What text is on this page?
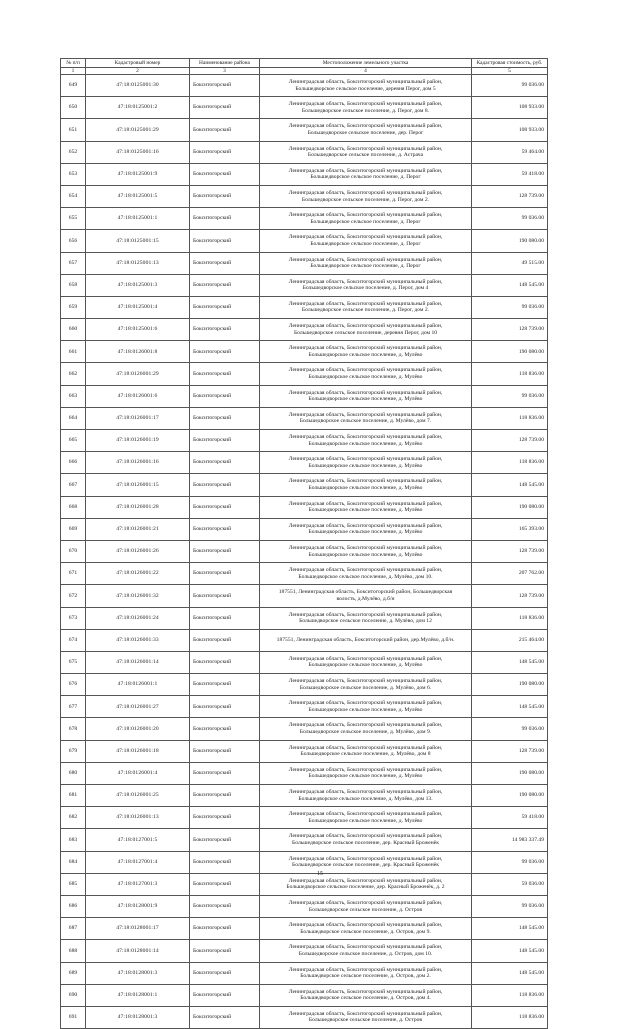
№ п/п	Кадастровый номер	Наименование района	Местоположение земельного участка	Кадастровая стоимость, руб.
1	2	3	4	5
649	47:18:0125001:30	Бокситогорский	Ленинградская область, Бокситогорский муниципальный район,
Большедворское сельское поселение, деревня Перог, дом 5	99 036.00
650	47:18:0125001:2	Бокситогорский	Ленинградская область, Бокситогорский муниципальный район,
Большедворское сельское поселение, д. Перог, дом 8.	108 933.00
651	47:18:0125001:29	Бокситогорский	Ленинградская область, Бокситогорский муниципальный район,
Большедворское сельское поселение, дер. Перог	108 933.00
652	47:18:0125001:16	Бокситогорский	Ленинградская область, Бокситогорский муниципальный район,
Большедворское сельское поселение, д. Астрача	59 464.00
653	47:18:0125001:9	Бокситогорский	Ленинградская область, Бокситогорский муниципальный район,
Большедворское сельское поселение, д. Перог	59 418.00
654	47:18:0125001:5	Бокситогорский	Ленинградская область, Бокситогорский муниципальный район,
Большедворское сельское поселение, д. Перог, дом 2.	128 739.00
655	47:18:0125001:1	Бокситогорский	Ленинградская область, Бокситогорский муниципальный район,
Большедворское сельское поселение, д. Перог	99 036.00
656	47:18:0125001:15	Бокситогорский	Ленинградская область, Бокситогорский муниципальный район,
Большедворское сельское поселение, д. Перог	190 080.00
657	47:18:0125001:13	Бокситогорский	Ленинградская область, Бокситогорский муниципальный район,
Большедворское сельское поселение, д. Перог	49 515.00
658	47:18:0125001:3	Бокситогорский	Ленинградская область, Бокситогорский муниципальный район,
Большедворское сельское поселение, д. Перог, дом 4	148 545.00
659	47:18:0125001:4	Бокситогорский	Ленинградская область, Бокситогорский муниципальный район,
Большедворское сельское поселение, д. Перог, дом 2.	99 036.00
660	47:18:0125001:6	Бокситогорский	Ленинградская область, Бокситогорский муниципальный район,
Большедворское сельское поселение, деревня Перог, дом 10	128 739.00
661	47:18:0126001:8	Бокситогорский	Ленинградская область, Бокситогорский муниципальный район,
Большедворское сельское поселение, д. Мулёво	190 080.00
662	47:18:0126001:29	Бокситогорский	Ленинградская область, Бокситогорский муниципальный район,
Большедворское сельское поселение, д. Мулёво	118 836.00
663	47:18:0126001:6	Бокситогорский	Ленинградская область, Бокситогорский муниципальный район,
Большедворское сельское поселение, д. Мулёво	99 036.00
664	47:18:0126001:17	Бокситогорский	Ленинградская область, Бокситогорский муниципальный район,
Большедворское сельское поселение, д. Мулёво, дом 7.	118 836.00
665	47:18:0126001:19	Бокситогорский	Ленинградская область, Бокситогорский муниципальный район,
Большедворское сельское поселение, д. Мулёво	128 739.00
666	47:18:0126001:16	Бокситогорский	Ленинградская область, Бокситогорский муниципальный район,
Большедворское сельское поселение, д. Мулёво	118 836.00
667	47:18:0126001:15	Бокситогорский	Ленинградская область, Бокситогорский муниципальный район,
Большедворское сельское поселение, д. Мулёво	148 545.00
668	47:18:0126001:28	Бокситогорский	Ленинградская область, Бокситогорский муниципальный район,
Большедворское сельское поселение, д. Мулёво	190 080.00
669	47:18:0126001:21	Бокситогорский	Ленинградская область, Бокситогорский муниципальный район,
Большедворское сельское поселение, д. Мулёво	165 393.00
670	47:18:0126001:26	Бокситогорский	Ленинградская область, Бокситогорский муниципальный район,
Большедворское сельское поселение, д. Мулёво	128 739.00
671	47:18:0126001:22	Бокситогорский	Ленинградская область, Бокситогорский муниципальный район,
Большедворское сельское поселение, д. Мулёво, дом 10.	207 762.00
672	47:18:0126001:32	Бокситогорский	187551, Ленинградская область, Бокситогорский район, Большедворская
волость, д.Мулёво, д.б/н	128 739.00
673	47:18:0126001:24	Бокситогорский	Ленинградская область, Бокситогорский муниципальный район,
Большедворское сельское поселение, д. Мулёво, дом 12	118 836.00
674	47:18:0126001:33	Бокситогорский	187551, Ленинградская область, Бокситогорский район, дер.Мулёво, д.б/н.	215 464.00
675	47:18:0126001:14	Бокситогорский	Ленинградская область, Бокситогорский муниципальный район,
Большедворское сельское поселение, д. Мулёво	148 545.00
676	47:18:0126001:1	Бокситогорский	Ленинградская область, Бокситогорский муниципальный район,
Большедворское сельское поселение, д. Мулёво, дом 6.	190 080.00
677	47:18:0126001:27	Бокситогорский	Ленинградская область, Бокситогорский муниципальный район,
Большедворское сельское поселение, д. Мулёво	148 545.00
678	47:18:0126001:20	Бокситогорский	Ленинградская область, Бокситогорский муниципальный район,
Большедворское сельское поселение, д. Мулёво, дом 9.	99 036.00
679	47:18:0126001:18	Бокситогорский	Ленинградская область, Бокситогорский муниципальный район,
Большедворское сельское поселение, д. Мулёво, дом 8	128 739.00
680	47:18:0126001:4	Бокситогорский	Ленинградская область, Бокситогорский муниципальный район,
Большедворское сельское поселение, д. Мулёво	190 080.00
681	47:18:0126001:25	Бокситогорский	Ленинградская область, Бокситогорский муниципальный район,
Большедворское сельское поселение, д. Мулёво, дом 13.	190 080.00
682	47:18:0126001:13	Бокситогорский	Ленинградская область, Бокситогорский муниципальный район,
Большедворское сельское поселение, д. Мулёво	59 418.00
683	47:18:0127001:5	Бокситогорский	Ленинградская область, Бокситогорский муниципальный район,
Большедворское сельское поселение, дер. Красный Броженёк	14 983 337.49
684	47:18:0127001:4	Бокситогорский	Ленинградская область, Бокситогорский муниципальный район,
Большедворское сельское поселение, дер. Красный Броженёк	99 036.00
685	47:18:0127001:3	Бокситогорский	Ленинградская область, Бокситогорский муниципальный район,
Большедворское сельское поселение, дер. Красный Броженёк, д. 2	59 036.00
686	47:18:0128001:9	Бокситогорский	Ленинградская область, Бокситогорский муниципальный район,
Большедворское сельское поселение, д. Остров	99 036.00
687	47:18:0128001:17	Бокситогорский	Ленинградская область, Бокситогорский муниципальный район,
Большедворское сельское поселение, д. Остров, дом 9.	148 545.00
688	47:18:0128001:14	Бокситогорский	Ленинградская область, Бокситогорский муниципальный район,
Большедворское сельское поселение, д. Остров, дом 10.	148 545.00
689	47:18:0128001:3	Бокситогорский	Ленинградская область, Бокситогорский муниципальный район,
Большедворское сельское поселение, д. Остров, дом 2.	148 545.00
690	47:18:0128001:1	Бокситогорский	Ленинградская область, Бокситогорский муниципальный район,
Большедворское сельское поселение, д. Остров, дом 4.	118 836.00
691	47:18:0128001:3	Бокситогорский	Ленинградская область, Бокситогорский муниципальный район,
Большедворское сельское поселение, д. Остров	118 836.00
15
